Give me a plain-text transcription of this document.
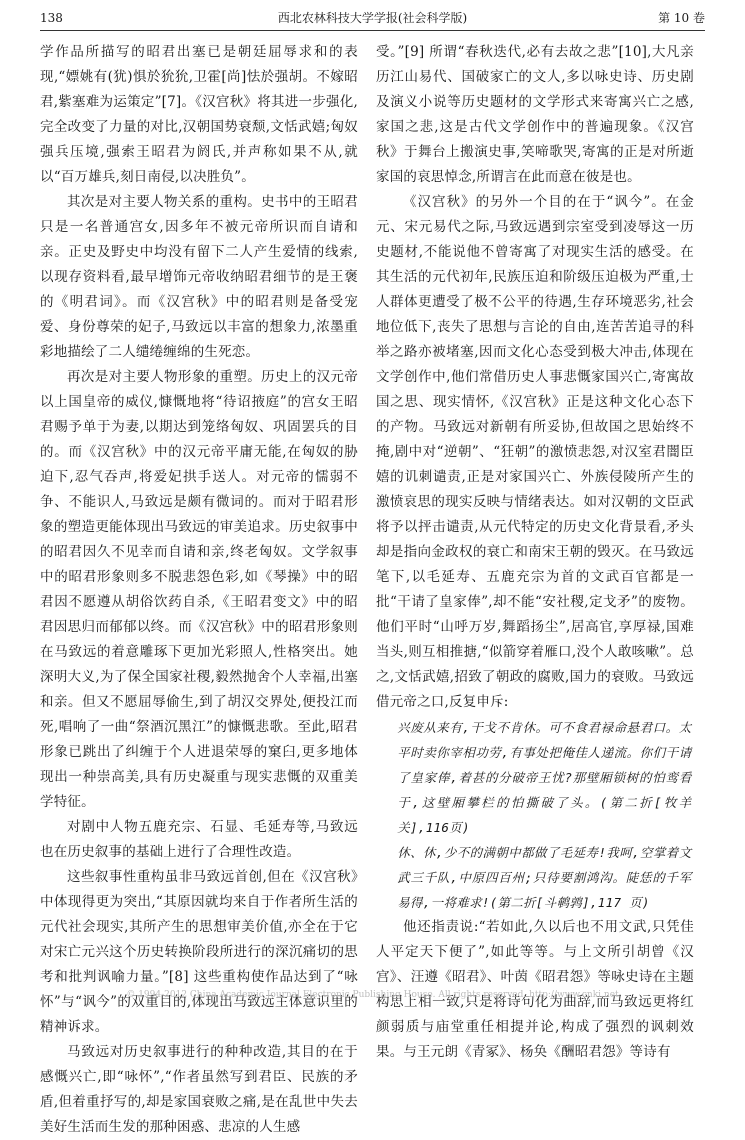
138	西北农林科技大学学报(社会科学版)	第 10 卷

学作品所描写的昭君出塞已是朝廷屈辱求和的表现,“嫖姚有(犹)惧於狁狁,卫霍[尚]怯於强胡。不嫁昭君,紫塞难为运策定”[7]。《汉宫秋》将其进一步强化,完全改变了力量的对比,汉朝国势衰颓,文恬武嬉;匈奴强兵压境,强索王昭君为阏氏,并声称如果不从,就以“百万雄兵,刻日南侵,以决胜负”。

其次是对主要人物关系的重构。史书中的王昭君只是一名普通宫女,因多年不被元帝所识而自请和亲。正史及野史中均没有留下二人产生爱情的线索,以现存资料看,最早增饰元帝收纳昭君细节的是王褒的《明君词》。而《汉宫秋》中的昭君则是备受宠爱、身份尊荣的妃子,马致远以丰富的想象力,浓墨重彩地描绘了二人缱绻缠绵的生死恋。

再次是对主要人物形象的重塑。历史上的汉元帝以上国皇帝的威仪,慷慨地将“待诏掖庭”的宫女王昭君赐予单于为妻,以期达到笼络匈奴、巩固罢兵的目的。而《汉宫秋》中的汉元帝平庸无能,在匈奴的胁迫下,忍气吞声,将爱妃拱手送人。对元帝的懦弱不争、不能识人,马致远是颇有微词的。而对于昭君形象的塑造更能体现出马致远的审美追求。历史叙事中的昭君因久不见幸而自请和亲,终老匈奴。文学叙事中的昭君形象则多不脱悲怨色彩,如《琴操》中的昭君因不愿遵从胡俗饮药自杀,《王昭君变文》中的昭君因思归而郁郁以终。而《汉宫秋》中的昭君形象则在马致远的着意雕琢下更加光彩照人,性格突出。她深明大义,为了保全国家社稷,毅然抛舍个人幸福,出塞和亲。但又不愿屈辱偷生,到了胡汉交界处,便投江而死,唱响了一曲“祭酒沉黑江”的慷慨悲歌。至此,昭君形象已跳出了纠缠于个人进退荣辱的窠臼,更多地体现出一种崇高美,具有历史凝重与现实悲慨的双重美学特征。

对剧中人物五鹿充宗、石显、毛延寿等,马致远也在历史叙事的基础上进行了合理性改造。

这些叙事性重构虽非马致远首创,但在《汉宫秋》中体现得更为突出,“其原因就均来自于作者所生活的元代社会现实,其所产生的思想审美价值,亦全在于它对宋亡元兴这个历史转换阶段所进行的深沉痛切的思考和批判讽喻力量。”[8] 这些重构使作品达到了“咏怀”与“讽今”的双重目的,体现出马致远主体意识里的精神诉求。

马致远对历史叙事进行的种种改造,其目的在于感慨兴亡,即“咏怀”,“作者虽然写到君臣、民族的矛盾,但着重抒写的,却是家国衰败之痛,是在乱世中失去美好生活而生发的那种困惑、悲凉的人生感

受。”[9] 所谓“春秋迭代,必有去故之悲”[10],大凡亲历江山易代、国破家亡的文人,多以咏史诗、历史剧及演义小说等历史题材的文学形式来寄寓兴亡之感,家国之悲,这是古代文学创作中的普遍现象。《汉宫秋》于舞台上搬演史事,笑啼歌哭,寄寓的正是对所逝家国的哀思悼念,所谓言在此而意在彼是也。

《汉宫秋》的另外一个目的在于“讽今”。在金元、宋元易代之际,马致远遇到宗室受到凌辱这一历史题材,不能说他不曾寄寓了对现实生活的感受。在其生活的元代初年,民族压迫和阶级压迫极为严重,士人群体更遭受了极不公平的待遇,生存环境恶劣,社会地位低下,丧失了思想与言论的自由,连苦苦追寻的科举之路亦被堵塞,因而文化心态受到极大冲击,体现在文学创作中,他们常借历史人事悲慨家国兴亡,寄寓故国之思、现实情怀,《汉宫秋》正是这种文化心态下的产物。马致远对新朝有所妥协,但故国之思始终不掩,剧中对“逆朝”、“狂朝”的激愤悲怨,对汉室君闇臣嬉的讥刺谴责,正是对家国兴亡、外族侵陵所产生的激愤哀思的现实反映与情绪表达。如对汉朝的文臣武将予以抨击谴责,从元代特定的历史文化背景看,矛头却是指向金政权的衰亡和南宋王朝的毁灭。在马致远笔下,以毛延寿、五鹿充宗为首的文武百官都是一批“干请了皇家俸”,却不能“安社稷,定戈矛”的废物。他们平时“山呼万岁,舞蹈扬尘”,居高官,享厚禄,国难当头,则互相推搪,“似箭穿着雁口,没个人敢咳嗽”。总之,文恬武嬉,招致了朝政的腐败,国力的衰败。马致远借元帝之口,反复申斥:

兴废从来有,干戈不肯休。可不食君禄命悬君口。太平时卖你宰相功劳,有事处把俺佳人递流。你们干请了皇家俸,着甚的分破帝王忧?那壁厢锁树的怕鸾看于,这壁厢攀栏的怕撕破了头。(第二折[牧羊关],116页)

休、休,少不的满朝中都做了毛延寿!我呵,空掌着文武三千队,中原四百州;只待要割鸿沟。陡恁的千军易得,一将难求!(第二折[斗鹌鹑],117 页)

他还指责说:“若如此,久以后也不用文武,只凭佳人平定天下便了”,如此等等。与上文所引胡曾《汉宫》、汪遵《昭君》、叶茵《昭君怨》等咏史诗在主题构思上相一致,只是将诗句化为曲辞,而马致远更将红颜弱质与庙堂重任相提并论,构成了强烈的讽刺效果。与王元朗《青冢》、杨奂《酬昭君怨》等诗有

© 1994-2012 China Academic Journal Electronic Publishing House. All rights reserved. http://www.cnki.net
